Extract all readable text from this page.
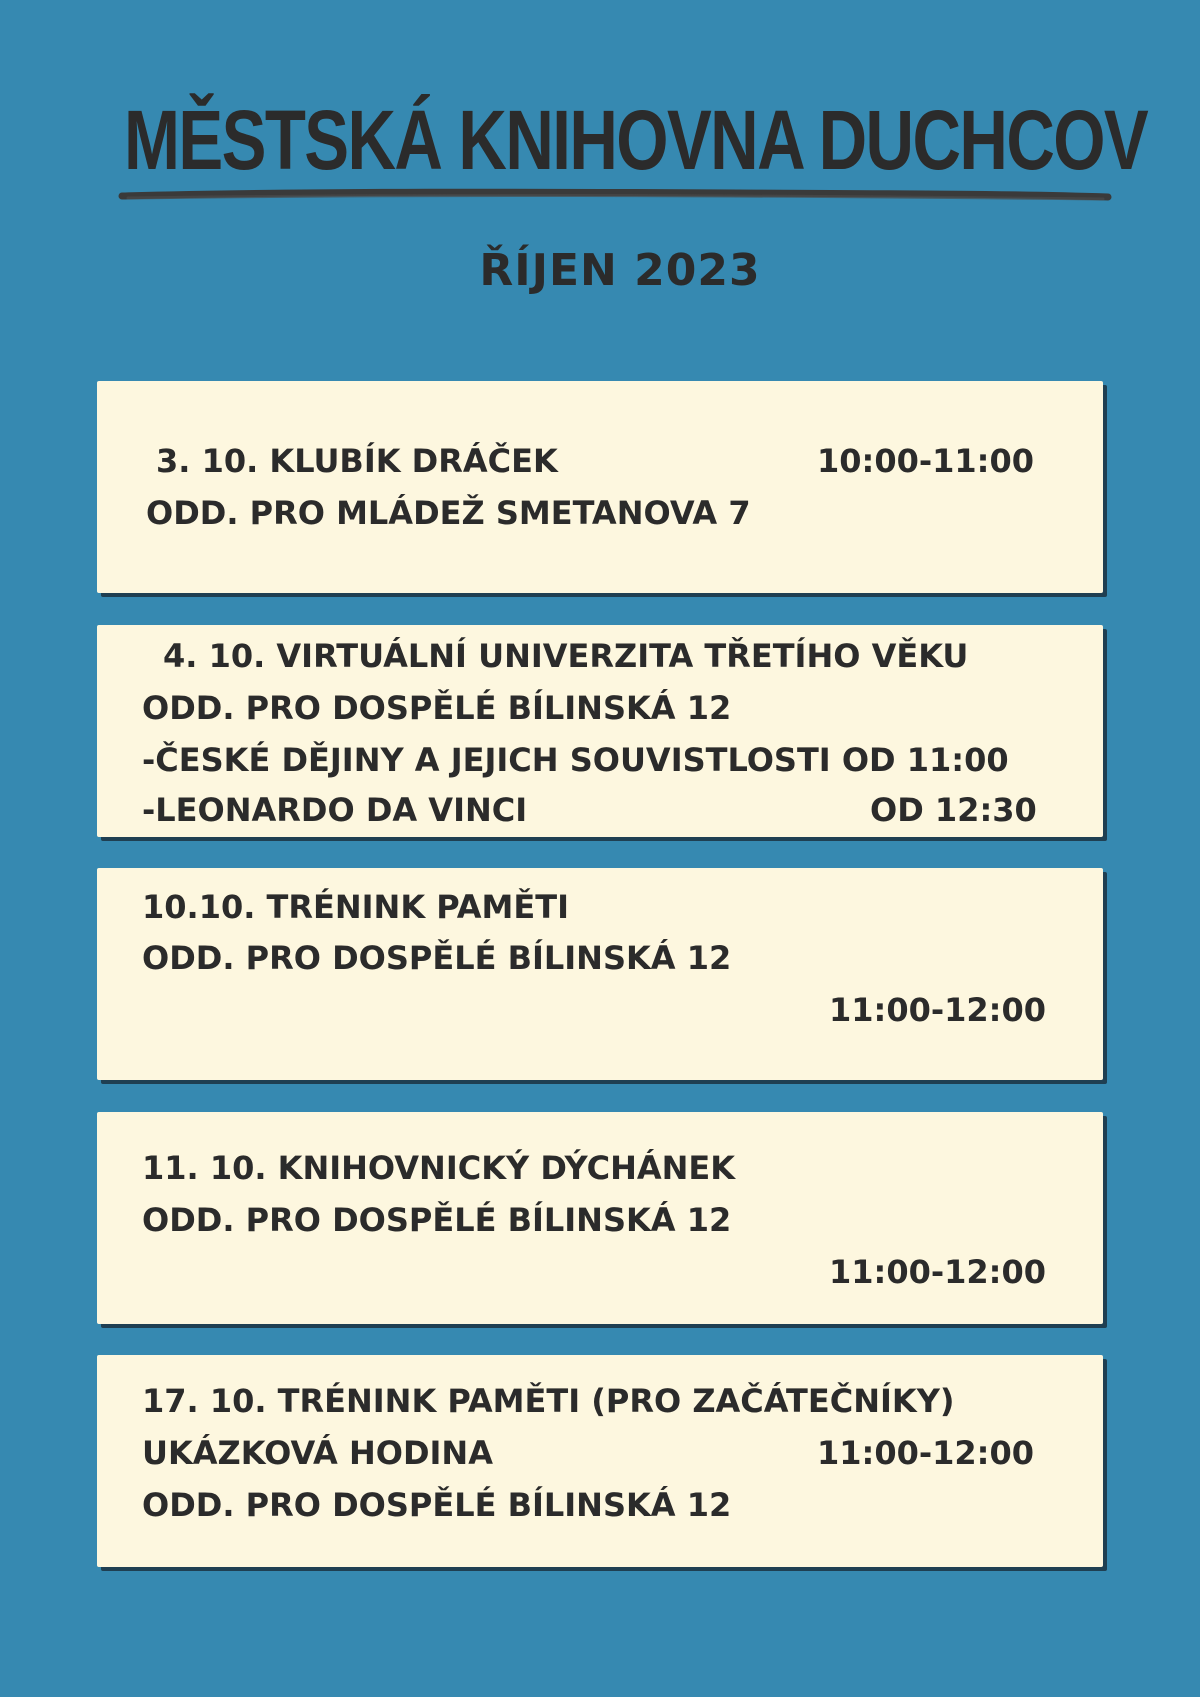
MĚSTSKÁ KNIHOVNA DUCHCOV
ŘÍJEN 2023
3. 10. KLUBÍK DRÁČEK	10:00-11:00
ODD. PRO MLÁDEŽ SMETANOVA 7
4. 10. VIRTUÁLNÍ UNIVERZITA TŘETÍHO VĚKU
ODD. PRO DOSPĚLÉ BÍLINSKÁ 12
-ČESKÉ DĚJINY A JEJICH SOUVISTLOSTI OD 11:00
-LEONARDO DA VINCI	OD 12:30
10.10. TRÉNINK PAMĚTI
ODD. PRO DOSPĚLÉ BÍLINSKÁ 12
11:00-12:00
11. 10. KNIHOVNICKÝ DÝCHÁNEK
ODD. PRO DOSPĚLÉ BÍLINSKÁ 12
11:00-12:00
17. 10. TRÉNINK PAMĚTI (PRO ZAČÁTEČNÍKY)
UKÁZKOVÁ HODINA	11:00-12:00
ODD. PRO DOSPĚLÉ BÍLINSKÁ 12
